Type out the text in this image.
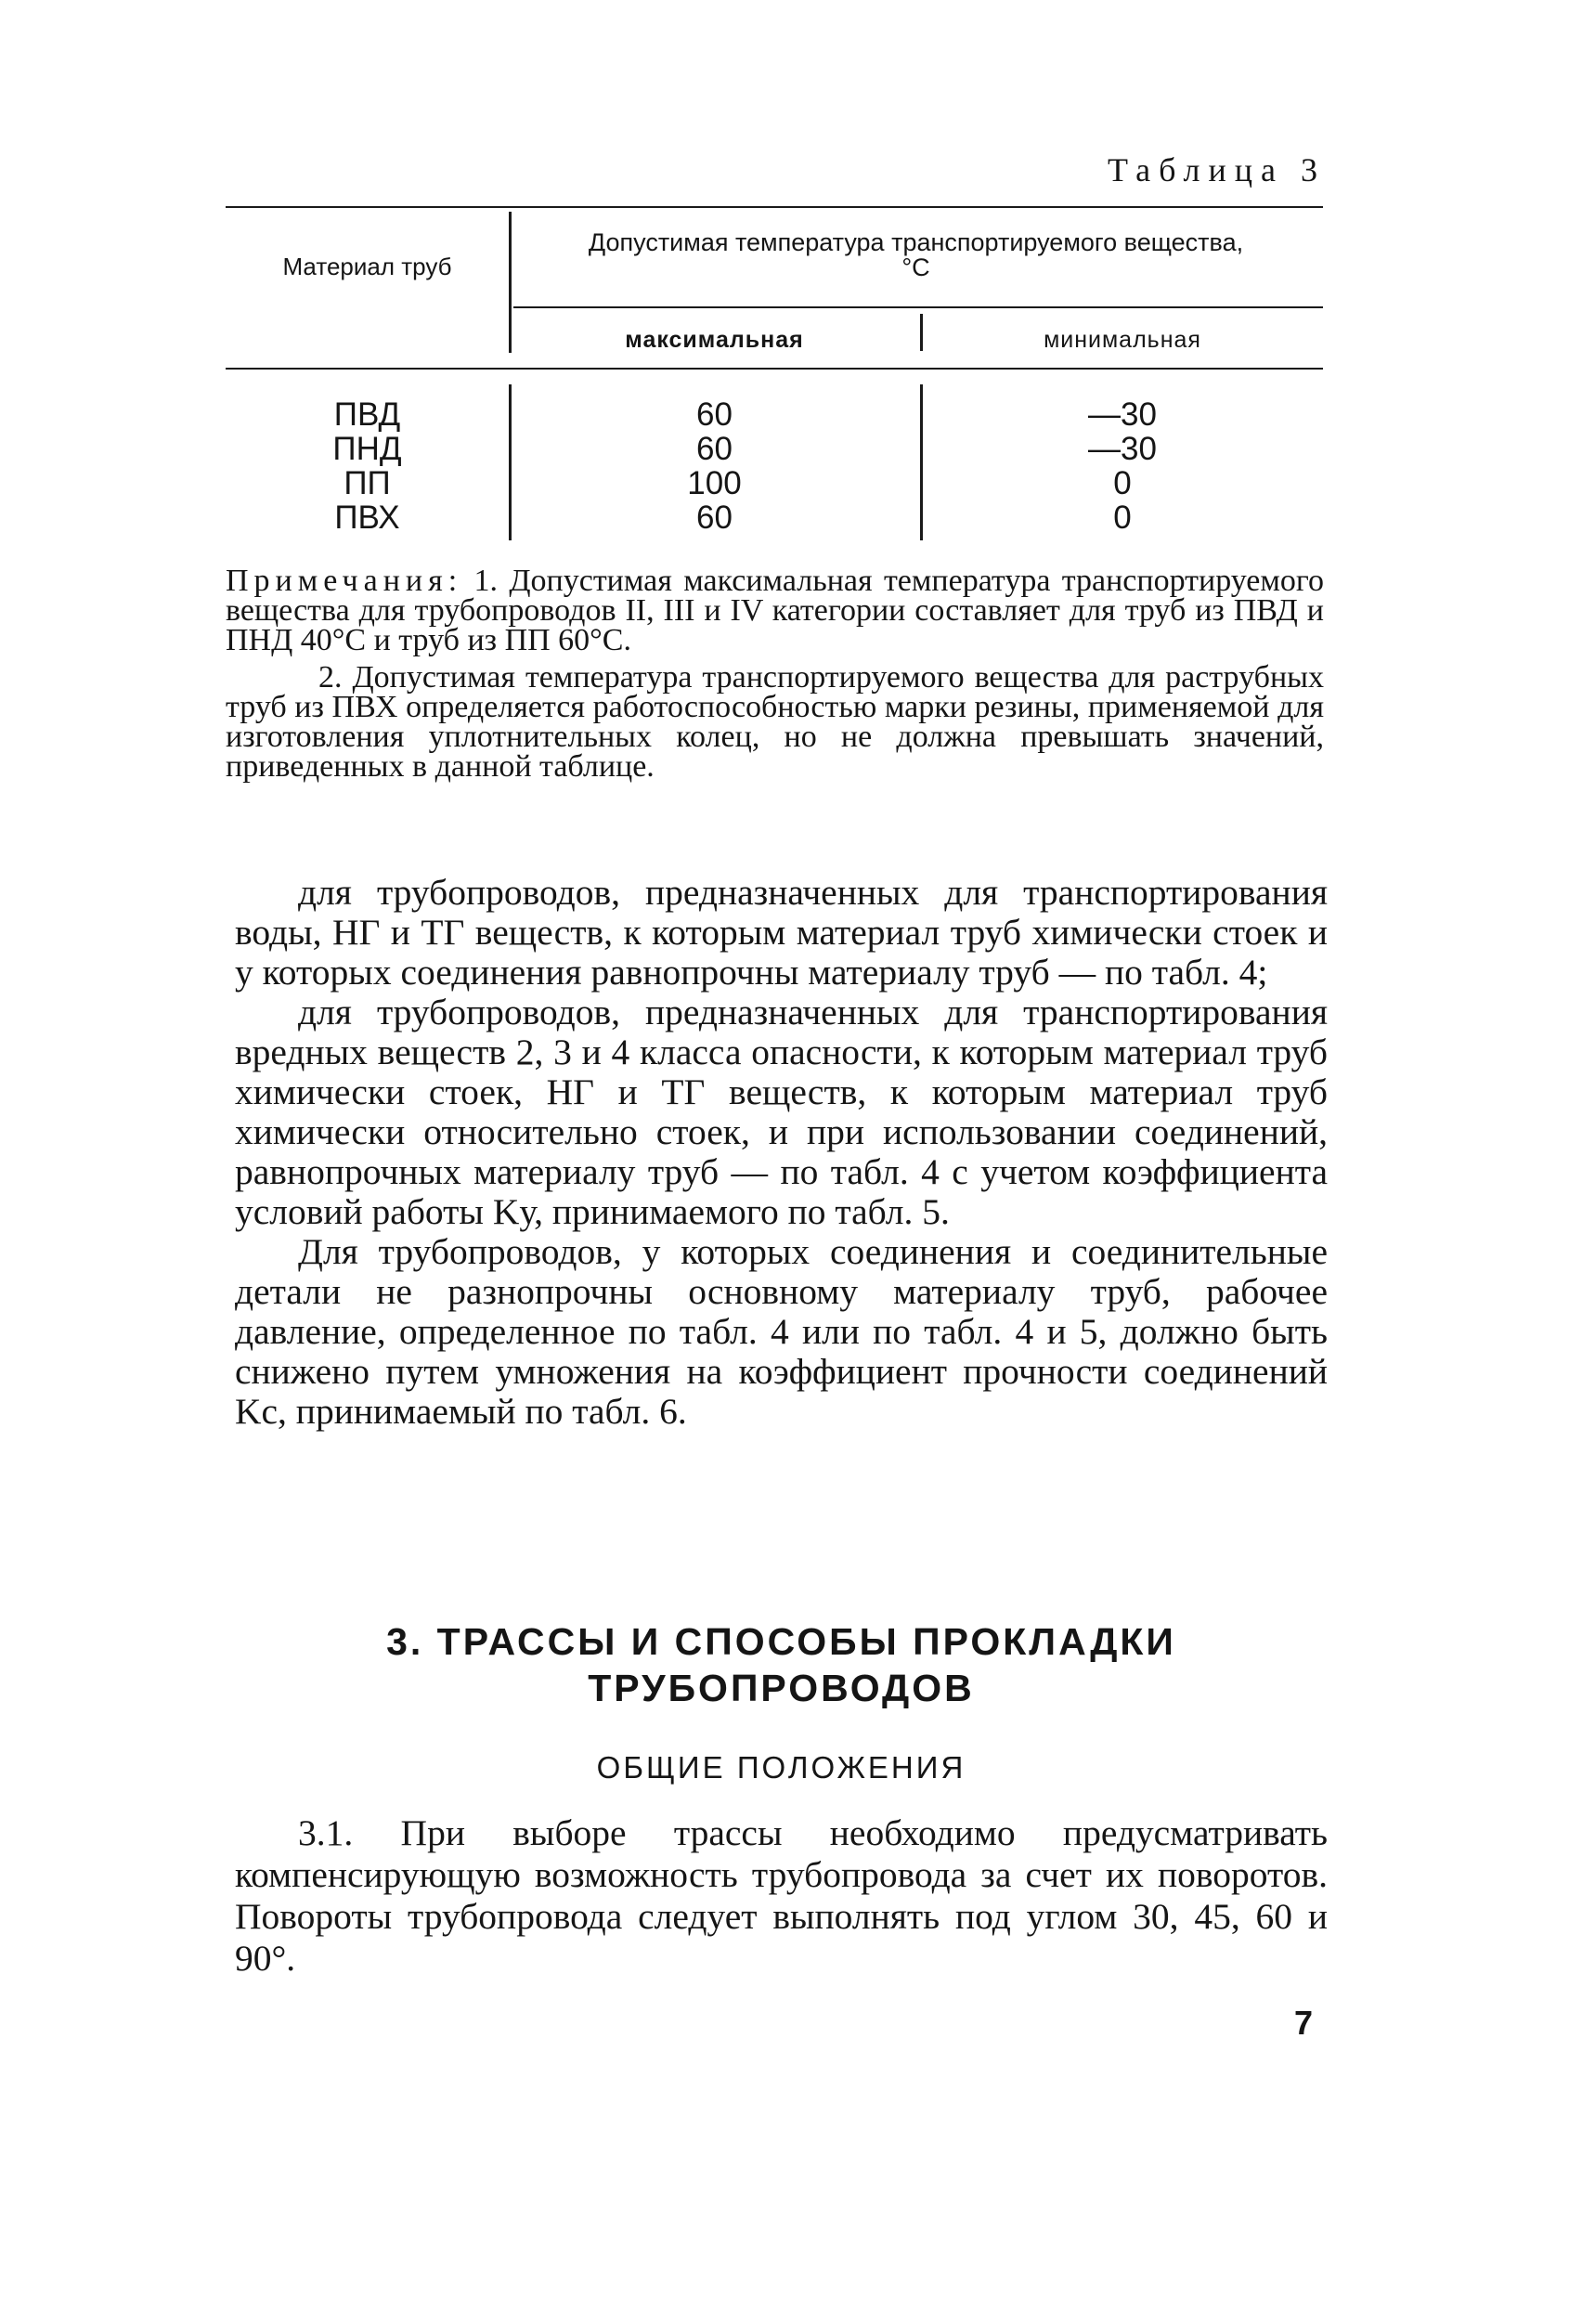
Таблица 3
Материал труб
Допустимая температура транспортируемого вещества, °C
максимальная	минимальная
ПВД
ПНД
ПП
ПВХ
60
60
100
60
—30
—30
0
0

Примечания: 1. Допустимая максимальная температура транспортируемого вещества для трубопроводов II, III и IV категории составляет для труб из ПВД и ПНД 40°С и труб из ПП 60°С.

2. Допустимая температура транспортируемого вещества для раструбных труб из ПВХ определяется работоспособностью марки резины, применяемой для изготовления уплотнительных колец, но не должна превышать значений, приведенных в данной таблице.

для трубопроводов, предназначенных для транспортирования воды, НГ и ТГ веществ, к которым материал труб химически стоек и у которых соединения равнопрочны материалу труб — по табл. 4;

для трубопроводов, предназначенных для транспортирования вредных веществ 2, 3 и 4 класса опасности, к которым материал труб химически стоек, НГ и ТГ веществ, к которым материал труб химически относительно стоек, и при использовании соединений, равнопрочных материалу труб — по табл. 4 с учетом коэффициента условий работы Kу, принимаемого по табл. 5.

Для трубопроводов, у которых соединения и соединительные детали не разнопрочны основному материалу труб, рабочее давление, определенное по табл. 4 или по табл. 4 и 5, должно быть снижено путем умножения на коэффициент прочности соединений Kс, принимаемый по табл. 6.

3. ТРАССЫ И СПОСОБЫ ПРОКЛАДКИ
ТРУБОПРОВОДОВ
ОБЩИЕ ПОЛОЖЕНИЯ

3.1. При выборе трассы необходимо предусматривать компенсирующую возможность трубопровода за счет их поворотов. Повороты трубопровода следует выполнять под углом 30, 45, 60 и 90°.

7
